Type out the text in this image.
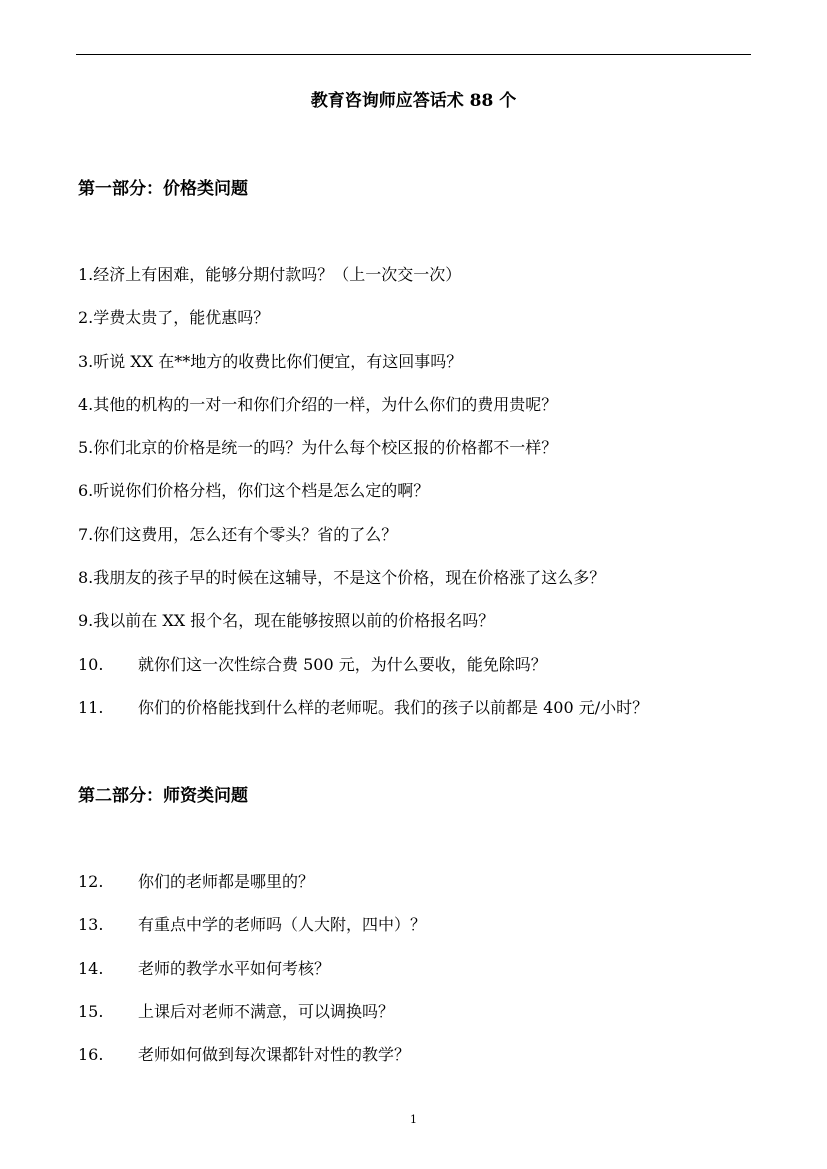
教育咨询师应答话术 88 个
第一部分：价格类问题
1. 经济上有困难，能够分期付款吗？（上一次交一次）
2. 学费太贵了，能优惠吗？
3. 听说 XX 在**地方的收费比你们便宜，有这回事吗？
4. 其他的机构的一对一和你们介绍的一样，为什么你们的费用贵呢？
5. 你们北京的价格是统一的吗？为什么每个校区报的价格都不一样？
6. 听说你们价格分档，你们这个档是怎么定的啊？
7. 你们这费用，怎么还有个零头？省的了么？
8. 我朋友的孩子早的时候在这辅导，不是这个价格，现在价格涨了这么多？
9. 我以前在 XX 报个名，现在能够按照以前的价格报名吗？
10.	就你们这一次性综合费 500 元，为什么要收，能免除吗？
11.	你们的价格能找到什么样的老师呢。我们的孩子以前都是 400 元/小时？
第二部分：师资类问题
12.	你们的老师都是哪里的？
13.	有重点中学的老师吗（人大附，四中）？
14.	老师的教学水平如何考核？
15.	上课后对老师不满意，可以调换吗？
16.	老师如何做到每次课都针对性的教学？
1
